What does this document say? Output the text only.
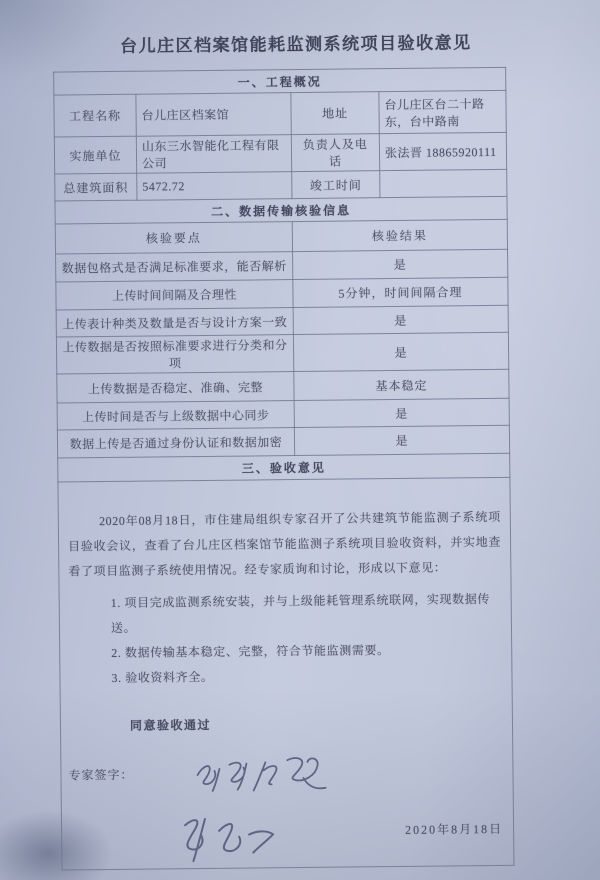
台儿庄区档案馆能耗监测系统项目验收意见
一、工程概况			
工程名称	台儿庄区档案馆	地址	台儿庄区台二十路东，台中路南
实施单位	山东三水智能化工程有限公司	负责人及电话	张法晋 18865920111
总建筑面积	5472.72	竣工时间	
二、数据传输核验信息			
核验要点		核验结果	
数据包格式是否满足标准要求，能否解析		是	
上传时间间隔及合理性		5分钟，时间间隔合理	
上传表计种类及数量是否与设计方案一致		是	
上传数据是否按照标准要求进行分类和分项		是	
上传数据是否稳定、准确、完整		基本稳定	
上传时间是否与上级数据中心同步		是	
数据上传是否通过身份认证和数据加密		是	
三、验收意见			

2020年08月18日，市住建局组织专家召开了公共建筑节能监测子系统项目验收会议，查看了台儿庄区档案馆节能监测子系统项目验收资料，并实地查看了项目监测子系统使用情况。经专家质询和讨论，形成以下意见：
1. 项目完成监测系统安装，并与上级能耗管理系统联网，实现数据传送。
2. 数据传输基本稳定、完整，符合节能监测需要。
3. 验收资料齐全。
同意验收通过
专家签字：
2020年8月18日
